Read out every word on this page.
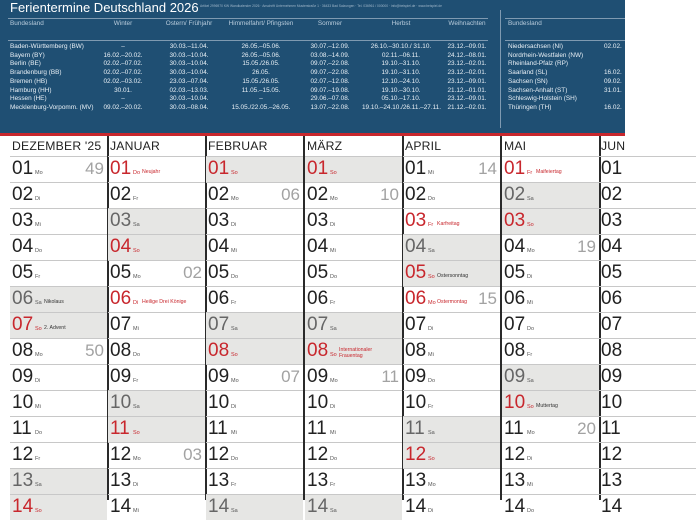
Ferientermine Deutschland 2026 Artikel 2996970 KW Wandkalender 2026 · Anschrift Unternehmen Musterstraße 1 · 36433 Bad Salzungen · Tel. 036961 / 000000 · info@beispiel.de · www.beispiel.de
Bundesland	Winter	Ostern/ Frühjahr	Himmelfahrt/ Pfingsten	Sommer	Herbst	Weihnachten
Baden-Württemberg (BW)	–	30.03.–11.04.	26.05.–05.06.	30.07.–12.09.	26.10.–30.10./ 31.10.	23.12.–09.01.
Bayern (BY)	16.02.–20.02.	30.03.–10.04.	26.05.–05.06.	03.08.–14.09.	02.11.–06.11.	24.12.–08.01.
Berlin (BE)	02.02.–07.02.	30.03.–10.04.	15.05./26.05.	09.07.–22.08.	19.10.–31.10.	23.12.–02.01.
Brandenburg (BB)	02.02.–07.02.	30.03.–10.04.	26.05.	09.07.–22.08.	19.10.–31.10.	23.12.–02.01.
Bremen (HB)	02.02.–03.02.	23.03.–07.04.	15.05./26.05.	02.07.–12.08.	12.10.–24.10.	23.12.–09.01.
Hamburg (HH)	30.01.	02.03.–13.03.	11.05.–15.05.	09.07.–19.08.	19.10.–30.10.	21.12.–01.01.
Hessen (HE)	–	30.03.–10.04.	–	29.06.–07.08.	05.10.–17.10.	23.12.–09.01.
Mecklenburg-Vorpomm. (MV)	09.02.–20.02.	30.03.–08.04.	15.05./22.05.–26.05.	13.07.–22.08.	19.10.–24.10./26.11.–27.11.	21.12.–02.01.
Bundesland
Niedersachsen (NI)	02.02.
Nordrhein-Westfalen (NW)
Rheinland-Pfalz (RP)
Saarland (SL)	16.02.
Sachsen (SN)	09.02.
Sachsen-Anhalt (ST)	31.01.
Schleswig-Holstein (SH)
Thüringen (TH)	16.02.
DEZEMBER '25
01 Mo 49
02 Di
03 Mi
04 Do
05 Fr
06 Sa Nikolaus
07 So 2. Advent
08 Mo 50
09 Di
10 Mi
11 Do
12 Fr
13 Sa
14 So
JANUAR
01 Do Neujahr
02 Fr
03 Sa
04 So
05 Mo 02
06 Di Heilige Drei Könige
07 Mi
08 Do
09 Fr
10 Sa
11 So
12 Mo 03
13 Di
14 Mi
FEBRUAR
01 So
02 Mo 06
03 Di
04 Mi
05 Do
06 Fr
07 Sa
08 So
09 Mo 07
10 Di
11 Mi
12 Do
13 Fr
14 Sa
MÄRZ
01 So
02 Mo 10
03 Di
04 Mi
05 Do
06 Fr
07 Sa
08 So
Internationaler Frauentag
09 Mo	11
10 Di
11 Mi
12 Do
13 Fr
14 Sa
APRIL
01 Mi	14
02 Do
03 Fr Karfreitag
04 Sa
05 So Ostersonntag
06 Mo Ostermontag 15
07 Di
08 Mi
09 Do
10 Fr
11 Sa
12 So
13 Mo
14 Di
MAI
01 Fr Maifeiertag
02 Sa
03 So
04 Mo 19
05 Di
06 Mi
07 Do
08 Fr
09 Sa
10 So Muttertag
11 Mo 20
12 Di
13 Mi
14 Do
JUN
01
02
03
04
05
06
07
08
09
10
11
12
13
14
